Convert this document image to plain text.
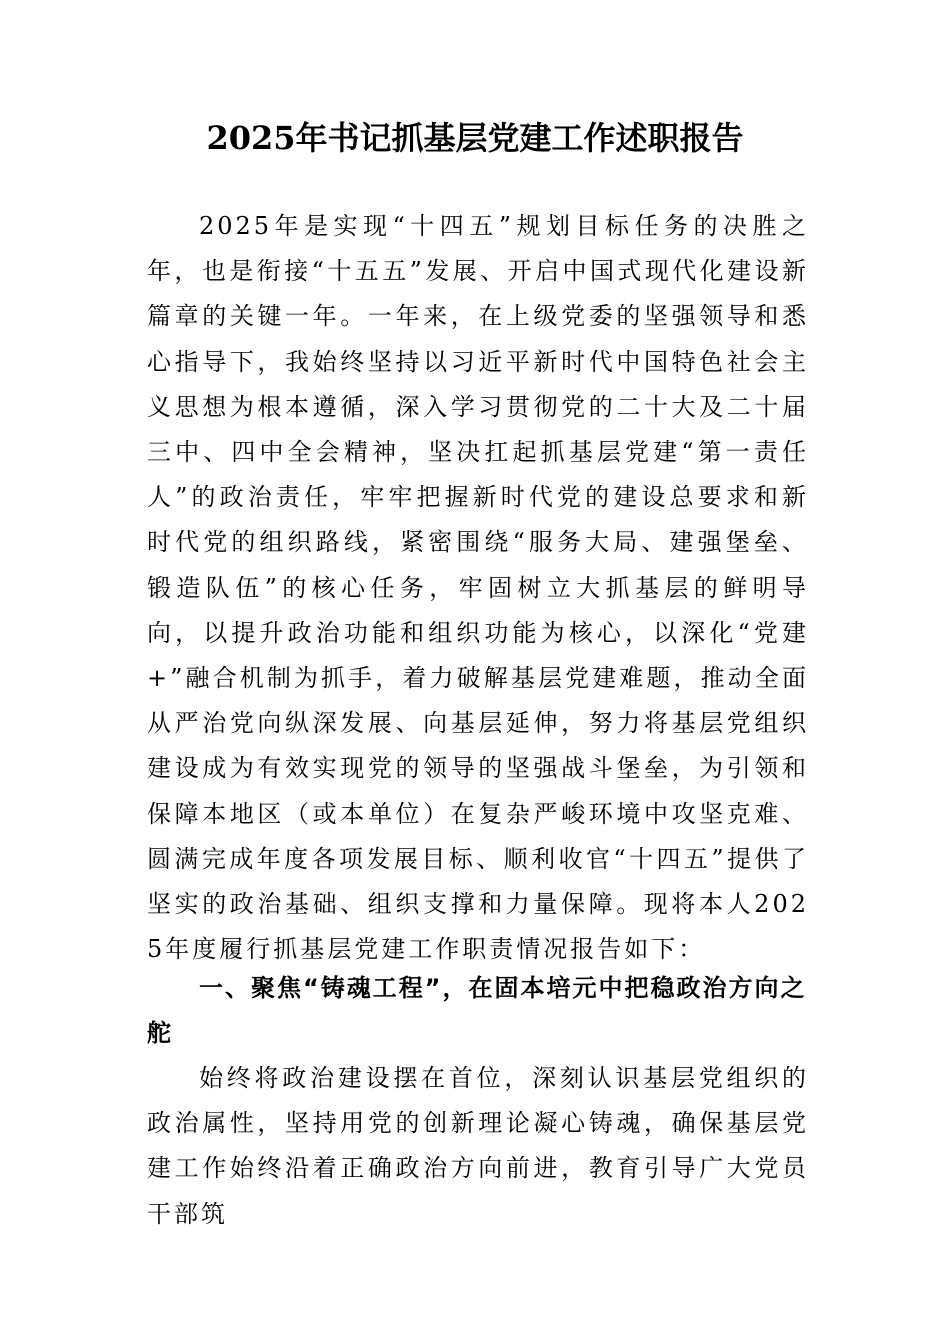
2025年书记抓基层党建工作述职报告

2025年是实现“十四五”规划目标任务的决胜之年，也是衔接“十五五”发展、开启中国式现代化建设新篇章的关键一年。一年来，在上级党委的坚强领导和悉心指导下，我始终坚持以习近平新时代中国特色社会主义思想为根本遵循，深入学习贯彻党的二十大及二十届三中、四中全会精神，坚决扛起抓基层党建“第一责任人”的政治责任，牢牢把握新时代党的建设总要求和新时代党的组织路线，紧密围绕“服务大局、建强堡垒、锻造队伍”的核心任务，牢固树立大抓基层的鲜明导向，以提升政治功能和组织功能为核心，以深化“党建+”融合机制为抓手，着力破解基层党建难题，推动全面从严治党向纵深发展、向基层延伸，努力将基层党组织建设成为有效实现党的领导的坚强战斗堡垒，为引领和保障本地区（或本单位）在复杂严峻环境中攻坚克难、圆满完成年度各项发展目标、顺利收官“十四五”提供了坚实的政治基础、组织支撑和力量保障。现将本人2025年度履行抓基层党建工作职责情况报告如下：

一、聚焦“铸魂工程”，在固本培元中把稳政治方向之舵

始终将政治建设摆在首位，深刻认识基层党组织的政治属性，坚持用党的创新理论凝心铸魂，确保基层党建工作始终沿着正确政治方向前进，教育引导广大党员干部筑
